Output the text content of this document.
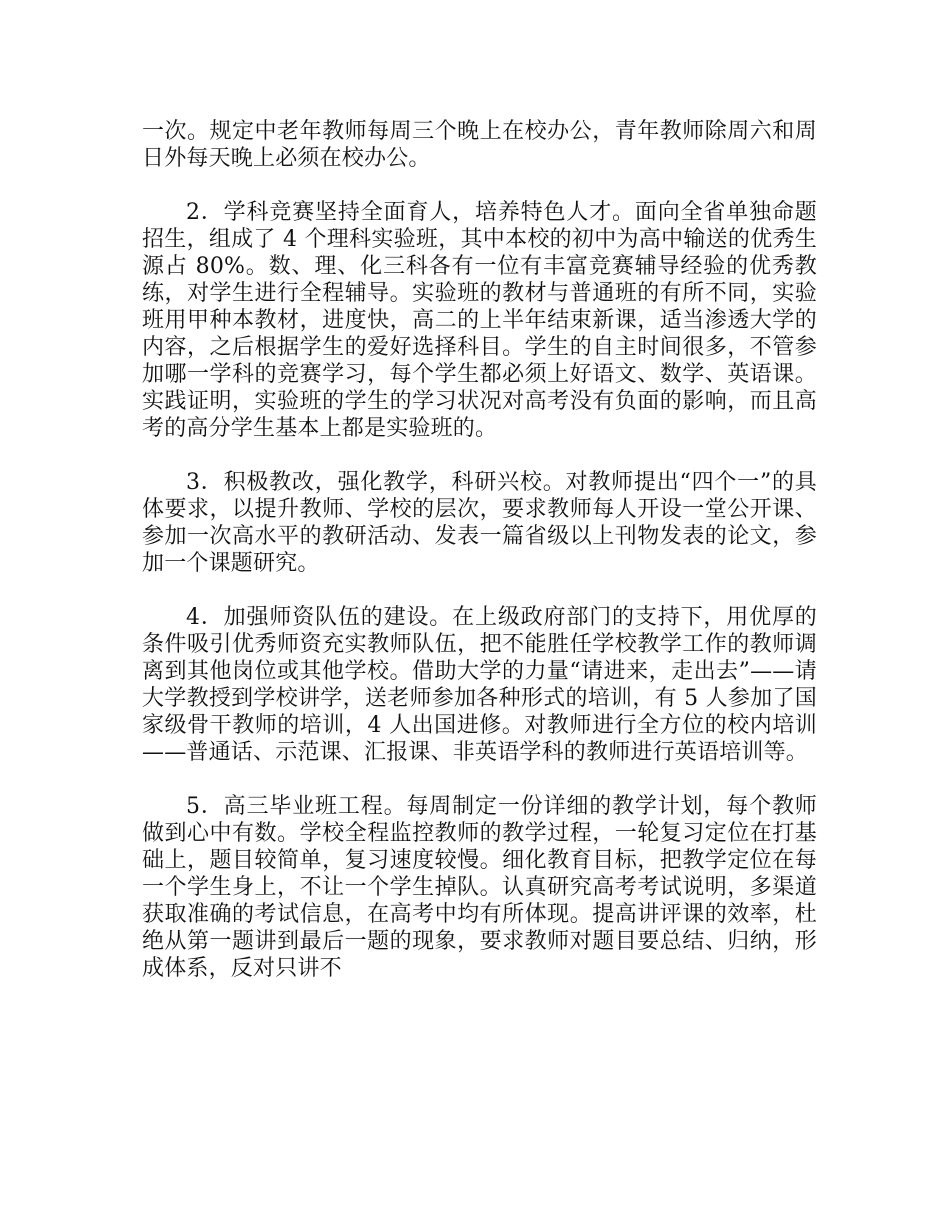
一次。规定中老年教师每周三个晚上在校办公，青年教师除周六和周日外每天晚上必须在校办公。

2．学科竞赛坚持全面育人，培养特色人才。面向全省单独命题招生，组成了 4 个理科实验班，其中本校的初中为高中输送的优秀生源占 80%。数、理、化三科各有一位有丰富竞赛辅导经验的优秀教练，对学生进行全程辅导。实验班的教材与普通班的有所不同，实验班用甲种本教材，进度快，高二的上半年结束新课，适当渗透大学的内容，之后根据学生的爱好选择科目。学生的自主时间很多，不管参加哪一学科的竞赛学习，每个学生都必须上好语文、数学、英语课。实践证明，实验班的学生的学习状况对高考没有负面的影响，而且高考的高分学生基本上都是实验班的。

3．积极教改，强化教学，科研兴校。对教师提出“四个一”的具体要求，以提升教师、学校的层次，要求教师每人开设一堂公开课、参加一次高水平的教研活动、发表一篇省级以上刊物发表的论文，参加一个课题研究。

4．加强师资队伍的建设。在上级政府部门的支持下，用优厚的条件吸引优秀师资充实教师队伍，把不能胜任学校教学工作的教师调离到其他岗位或其他学校。借助大学的力量“请进来，走出去”——请大学教授到学校讲学，送老师参加各种形式的培训，有 5 人参加了国家级骨干教师的培训，4 人出国进修。对教师进行全方位的校内培训——普通话、示范课、汇报课、非英语学科的教师进行英语培训等。

5．高三毕业班工程。每周制定一份详细的教学计划，每个教师做到心中有数。学校全程监控教师的教学过程，一轮复习定位在打基础上，题目较简单，复习速度较慢。细化教育目标，把教学定位在每一个学生身上，不让一个学生掉队。认真研究高考考试说明，多渠道获取准确的考试信息，在高考中均有所体现。提高讲评课的效率，杜绝从第一题讲到最后一题的现象，要求教师对题目要总结、归纳，形成体系，反对只讲不
